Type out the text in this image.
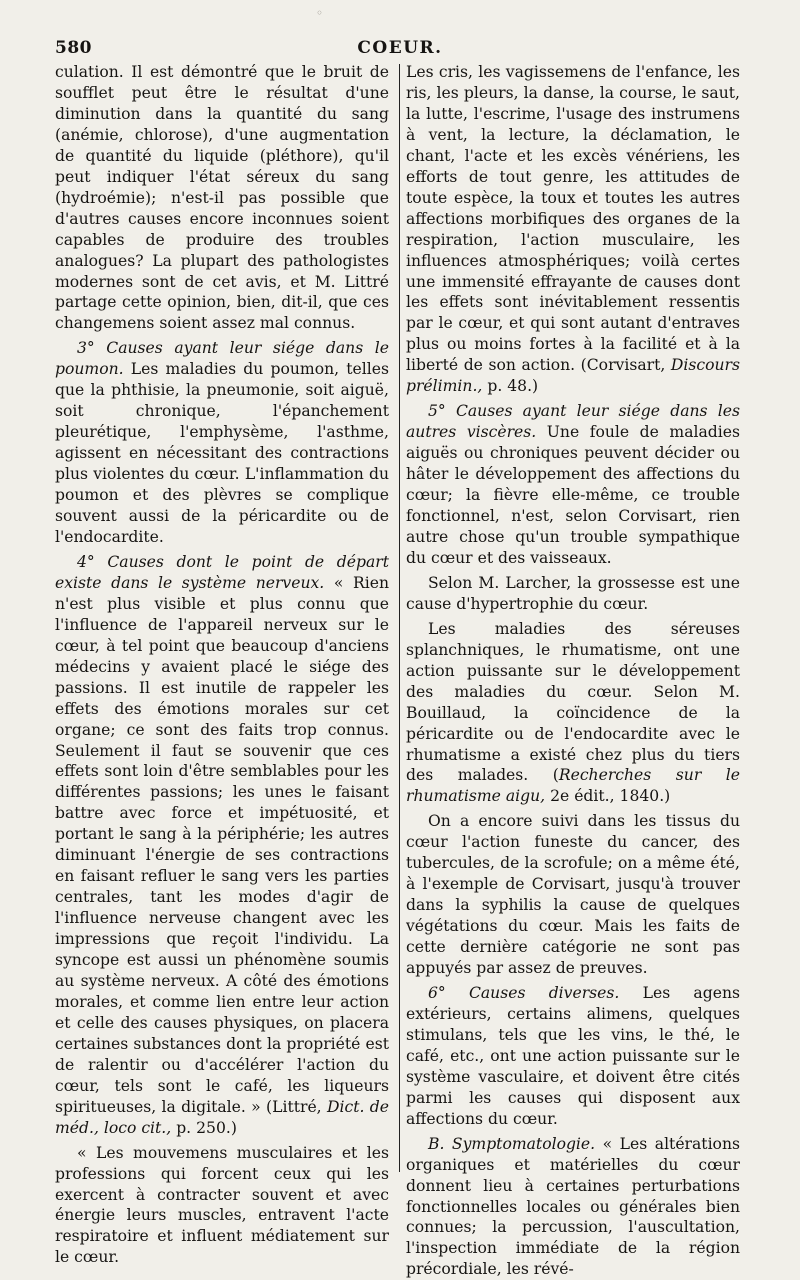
◦
580	COEUR.

culation. Il est démontré que le bruit de soufflet peut être le résultat d'une diminution dans la quantité du sang (anémie, chlorose), d'une augmentation de quantité du liquide (pléthore), qu'il peut indiquer l'état séreux du sang (hydroémie); n'est-il pas possible que d'autres causes encore inconnues soient capables de produire des troubles analogues? La plupart des pathologistes modernes sont de cet avis, et M. Littré partage cette opinion, bien, dit-il, que ces changemens soient assez mal connus.

3° Causes ayant leur siége dans le poumon. Les maladies du poumon, telles que la phthisie, la pneumonie, soit aiguë, soit chronique, l'épanchement pleurétique, l'emphysème, l'asthme, agissent en nécessitant des contractions plus violentes du cœur. L'inflammation du poumon et des plèvres se complique souvent aussi de la péricardite ou de l'endocardite.

4° Causes dont le point de départ existe dans le système nerveux. « Rien n'est plus visible et plus connu que l'influence de l'appareil nerveux sur le cœur, à tel point que beaucoup d'anciens médecins y avaient placé le siége des passions. Il est inutile de rappeler les effets des émotions morales sur cet organe; ce sont des faits trop connus. Seulement il faut se souvenir que ces effets sont loin d'être semblables pour les différentes passions; les unes le faisant battre avec force et impétuosité, et portant le sang à la périphérie; les autres diminuant l'énergie de ses contractions en faisant refluer le sang vers les parties centrales, tant les modes d'agir de l'influence nerveuse changent avec les impressions que reçoit l'individu. La syncope est aussi un phénomène soumis au système nerveux. A côté des émotions morales, et comme lien entre leur action et celle des causes physiques, on placera certaines substances dont la propriété est de ralentir ou d'accélérer l'action du cœur, tels sont le café, les liqueurs spiritueuses, la digitale. » (Littré, Dict. de méd., loco cit., p. 250.)

« Les mouvemens musculaires et les professions qui forcent ceux qui les exercent à contracter souvent et avec énergie leurs muscles, entravent l'acte respiratoire et influent médiatement sur le cœur.

Les cris, les vagissemens de l'enfance, les ris, les pleurs, la danse, la course, le saut, la lutte, l'escrime, l'usage des instrumens à vent, la lecture, la déclamation, le chant, l'acte et les excès vénériens, les efforts de tout genre, les attitudes de toute espèce, la toux et toutes les autres affections morbifiques des organes de la respiration, l'action musculaire, les influences atmosphériques; voilà certes une immensité effrayante de causes dont les effets sont inévitablement ressentis par le cœur, et qui sont autant d'entraves plus ou moins fortes à la facilité et à la liberté de son action. (Corvisart, Discours prélimin., p. 48.)

5° Causes ayant leur siége dans les autres viscères. Une foule de maladies aiguës ou chroniques peuvent décider ou hâter le développement des affections du cœur; la fièvre elle-même, ce trouble fonctionnel, n'est, selon Corvisart, rien autre chose qu'un trouble sympathique du cœur et des vaisseaux.

Selon M. Larcher, la grossesse est une cause d'hypertrophie du cœur.

Les maladies des séreuses splanchniques, le rhumatisme, ont une action puissante sur le développement des maladies du cœur. Selon M. Bouillaud, la coïncidence de la péricardite ou de l'endocardite avec le rhumatisme a existé chez plus du tiers des malades. (Recherches sur le rhumatisme aigu, 2e édit., 1840.)

On a encore suivi dans les tissus du cœur l'action funeste du cancer, des tubercules, de la scrofule; on a même été, à l'exemple de Corvisart, jusqu'à trouver dans la syphilis la cause de quelques végétations du cœur. Mais les faits de cette dernière catégorie ne sont pas appuyés par assez de preuves.

6° Causes diverses. Les agens extérieurs, certains alimens, quelques stimulans, tels que les vins, le thé, le café, etc., ont une action puissante sur le système vasculaire, et doivent être cités parmi les causes qui disposent aux affections du cœur.

B. Symptomatologie. « Les altérations organiques et matérielles du cœur donnent lieu à certaines perturbations fonctionnelles locales ou générales bien connues; la percussion, l'auscultation, l'inspection immédiate de la région précordiale, les révé-
